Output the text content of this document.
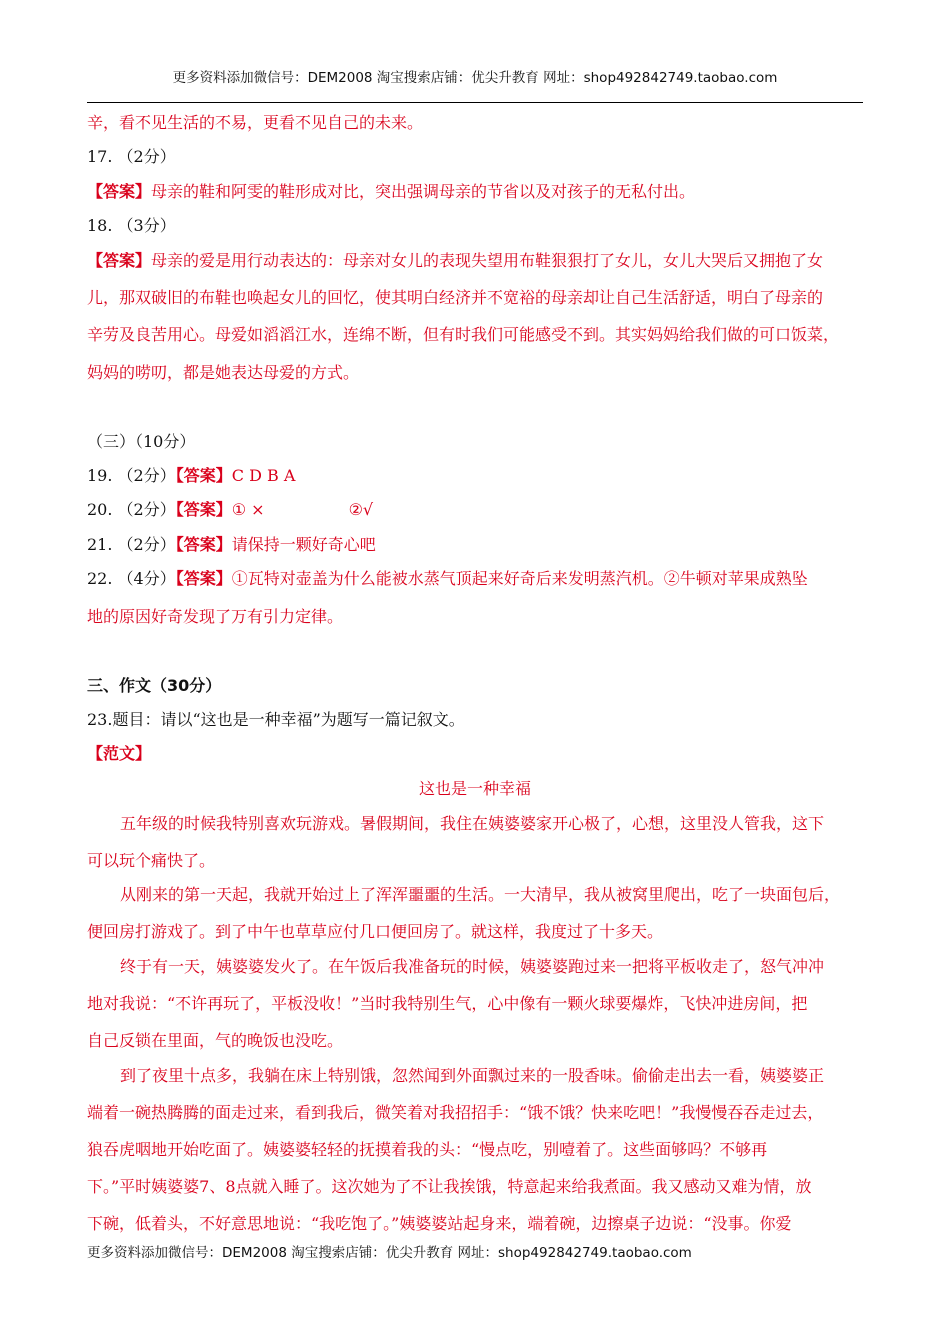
更多资料添加微信号：DEM2008 淘宝搜索店铺：优尖升教育 网址：shop492842749.taobao.com
辛，看不见生活的不易，更看不见自己的未来。
17. （2分）
【答案】母亲的鞋和阿雯的鞋形成对比，突出强调母亲的节省以及对孩子的无私付出。
18. （3分）
【答案】母亲的爱是用行动表达的：母亲对女儿的表现失望用布鞋狠狠打了女儿，女儿大哭后又拥抱了女
儿，那双破旧的布鞋也唤起女儿的回忆，使其明白经济并不宽裕的母亲却让自己生活舒适，明白了母亲的
辛劳及良苦用心。母爱如滔滔江水，连绵不断，但有时我们可能感受不到。其实妈妈给我们做的可口饭菜，
妈妈的唠叨，都是她表达母爱的方式。
（三）（10分）
19. （2分）【答案】C D B A
20. （2分）【答案】① ×	②√
21. （2分）【答案】请保持一颗好奇心吧
22. （4分）【答案】①瓦特对壶盖为什么能被水蒸气顶起来好奇后来发明蒸汽机。②牛顿对苹果成熟坠
地的原因好奇发现了万有引力定律。
三、作文（30分）
23.题目：请以“这也是一种幸福”为题写一篇记叙文。
【范文】
这也是一种幸福
五年级的时候我特别喜欢玩游戏。暑假期间，我住在姨婆婆家开心极了，心想，这里没人管我，这下
可以玩个痛快了。
从刚来的第一天起，我就开始过上了浑浑噩噩的生活。一大清早，我从被窝里爬出，吃了一块面包后，
便回房打游戏了。到了中午也草草应付几口便回房了。就这样，我度过了十多天。
终于有一天，姨婆婆发火了。在午饭后我准备玩的时候，姨婆婆跑过来一把将平板收走了，怒气冲冲
地对我说：“不许再玩了，平板没收！”当时我特别生气，心中像有一颗火球要爆炸，飞快冲进房间，把
自己反锁在里面，气的晚饭也没吃。
到了夜里十点多，我躺在床上特别饿，忽然闻到外面飘过来的一股香味。偷偷走出去一看，姨婆婆正
端着一碗热腾腾的面走过来，看到我后，微笑着对我招招手：“饿不饿？快来吃吧！”我慢慢吞吞走过去，
狼吞虎咽地开始吃面了。姨婆婆轻轻的抚摸着我的头：“慢点吃，别噎着了。这些面够吗？不够再
下。”平时姨婆婆7、8点就入睡了。这次她为了不让我挨饿，特意起来给我煮面。我又感动又难为情，放
下碗，低着头，不好意思地说：“我吃饱了。”姨婆婆站起身来，端着碗，边擦桌子边说：“没事。你爱
更多资料添加微信号：DEM2008 淘宝搜索店铺：优尖升教育 网址：shop492842749.taobao.com
